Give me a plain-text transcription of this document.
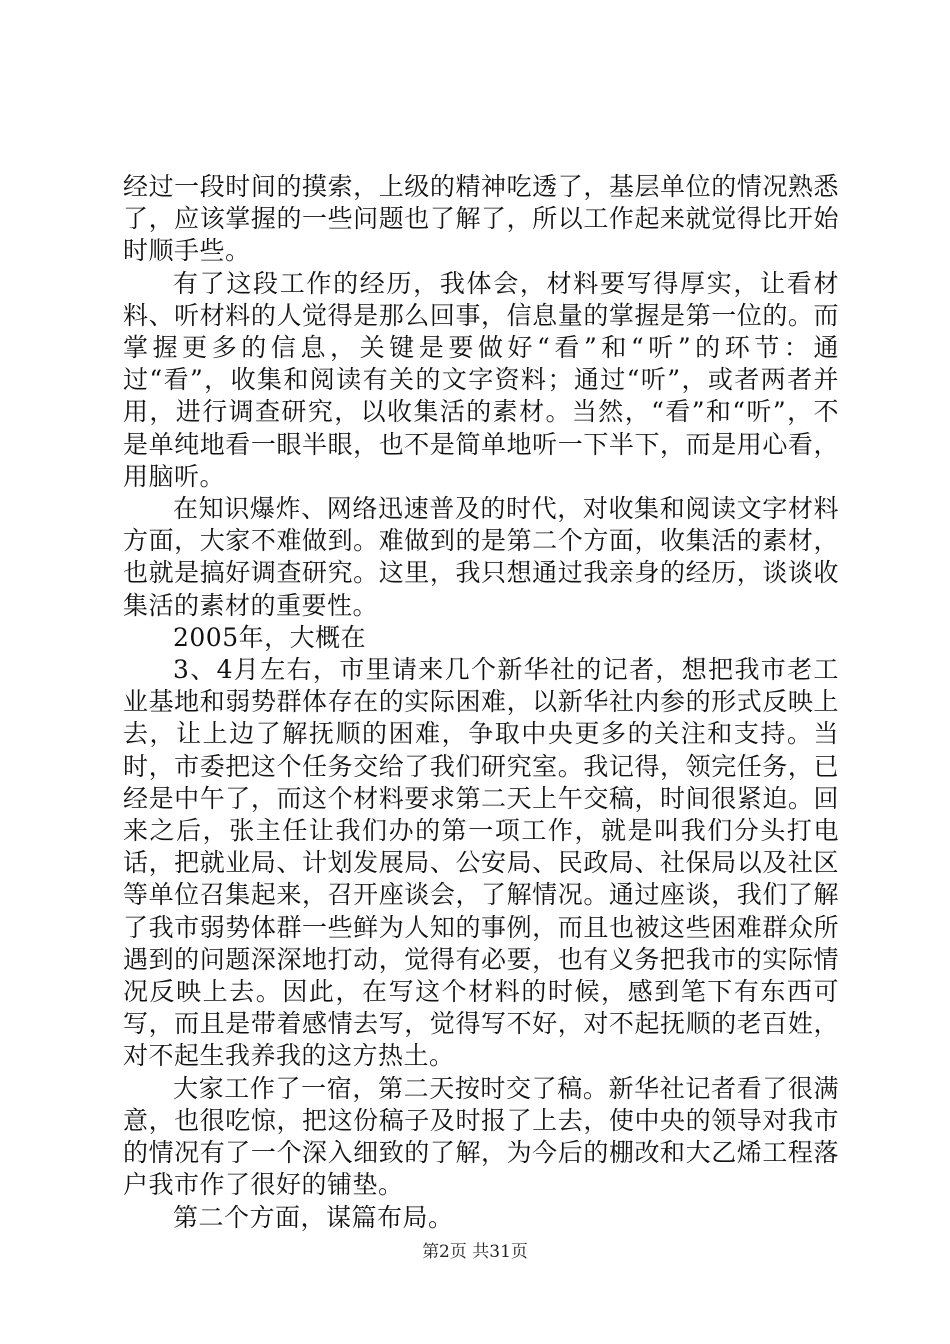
经过一段时间的摸索，上级的精神吃透了，基层单位的情况熟悉了，应该掌握的一些问题也了解了，所以工作起来就觉得比开始时顺手些。

有了这段工作的经历，我体会，材料要写得厚实，让看材料、听材料的人觉得是那么回事，信息量的掌握是第一位的。而掌握更多的信息，关键是要做好“看”和“听”的环节：通过“看”，收集和阅读有关的文字资料；通过“听”，或者两者并用，进行调查研究，以收集活的素材。当然，“看”和“听”，不是单纯地看一眼半眼，也不是简单地听一下半下，而是用心看，用脑听。

在知识爆炸、网络迅速普及的时代，对收集和阅读文字材料方面，大家不难做到。难做到的是第二个方面，收集活的素材，也就是搞好调查研究。这里，我只想通过我亲身的经历，谈谈收集活的素材的重要性。

2005年，大概在

3、4月左右，市里请来几个新华社的记者，想把我市老工业基地和弱势群体存在的实际困难，以新华社内参的形式反映上去，让上边了解抚顺的困难，争取中央更多的关注和支持。当时，市委把这个任务交给了我们研究室。我记得，领完任务，已经是中午了，而这个材料要求第二天上午交稿，时间很紧迫。回来之后，张主任让我们办的第一项工作，就是叫我们分头打电话，把就业局、计划发展局、公安局、民政局、社保局以及社区等单位召集起来，召开座谈会，了解情况。通过座谈，我们了解了我市弱势体群一些鲜为人知的事例，而且也被这些困难群众所遇到的问题深深地打动，觉得有必要，也有义务把我市的实际情况反映上去。因此，在写这个材料的时候，感到笔下有东西可写，而且是带着感情去写，觉得写不好，对不起抚顺的老百姓，对不起生我养我的这方热土。

大家工作了一宿，第二天按时交了稿。新华社记者看了很满意，也很吃惊，把这份稿子及时报了上去，使中央的领导对我市的情况有了一个深入细致的了解，为今后的棚改和大乙烯工程落户我市作了很好的铺垫。

第二个方面，谋篇布局。

第2页 共31页
